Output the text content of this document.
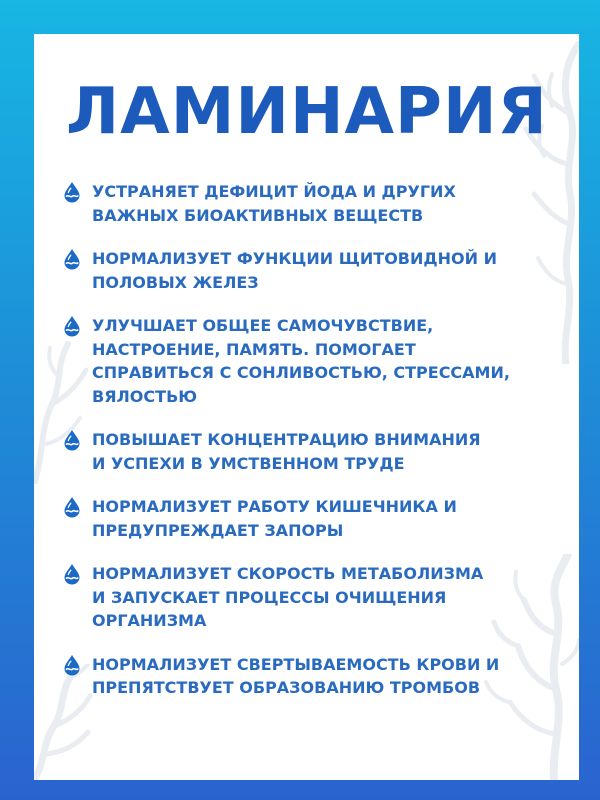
ЛАМИНАРИЯ
УСТРАНЯЕТ ДЕФИЦИТ ЙОДА И ДРУГИХ
ВАЖНЫХ БИОАКТИВНЫХ ВЕЩЕСТВ
НОРМАЛИЗУЕТ ФУНКЦИИ ЩИТОВИДНОЙ И
ПОЛОВЫХ ЖЕЛЕЗ
УЛУЧШАЕТ ОБЩЕЕ САМОЧУВСТВИЕ,
НАСТРОЕНИЕ, ПАМЯТЬ. ПОМОГАЕТ
СПРАВИТЬСЯ С СОНЛИВОСТЬЮ, СТРЕССАМИ,
ВЯЛОСТЬЮ
ПОВЫШАЕТ КОНЦЕНТРАЦИЮ ВНИМАНИЯ
И УСПЕХИ В УМСТВЕННОМ ТРУДЕ
НОРМАЛИЗУЕТ РАБОТУ КИШЕЧНИКА И
ПРЕДУПРЕЖДАЕТ ЗАПОРЫ
НОРМАЛИЗУЕТ СКОРОСТЬ МЕТАБОЛИЗМА
И ЗАПУСКАЕТ ПРОЦЕССЫ ОЧИЩЕНИЯ
ОРГАНИЗМА
НОРМАЛИЗУЕТ СВЕРТЫВАЕМОСТЬ КРОВИ И
ПРЕПЯТСТВУЕТ ОБРАЗОВАНИЮ ТРОМБОВ
